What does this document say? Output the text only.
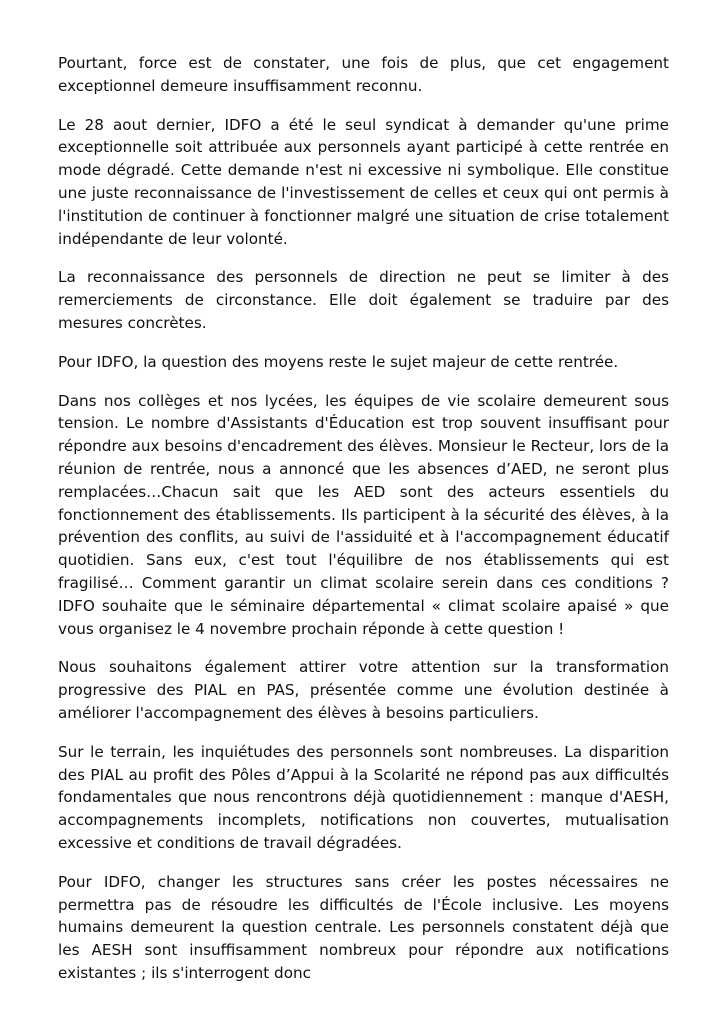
Pourtant, force est de constater, une fois de plus, que cet engagement exceptionnel demeure insuffisamment reconnu.

Le 28 aout dernier, IDFO a été le seul syndicat à demander qu'une prime exceptionnelle soit attribuée aux personnels ayant participé à cette rentrée en mode dégradé. Cette demande n'est ni excessive ni symbolique. Elle constitue une juste reconnaissance de l'investissement de celles et ceux qui ont permis à l'institution de continuer à fonctionner malgré une situation de crise totalement indépendante de leur volonté.

La reconnaissance des personnels de direction ne peut se limiter à des remerciements de circonstance. Elle doit également se traduire par des mesures concrètes.

Pour IDFO, la question des moyens reste le sujet majeur de cette rentrée.

Dans nos collèges et nos lycées, les équipes de vie scolaire demeurent sous tension. Le nombre d'Assistants d'Éducation est trop souvent insuffisant pour répondre aux besoins d'encadrement des élèves. Monsieur le Recteur, lors de la réunion de rentrée, nous a annoncé que les absences d’AED, ne seront plus remplacées…Chacun sait que les AED sont des acteurs essentiels du fonctionnement des établissements. Ils participent à la sécurité des élèves, à la prévention des conflits, au suivi de l'assiduité et à l'accompagnement éducatif quotidien. Sans eux, c'est tout l'équilibre de nos établissements qui est fragilisé… Comment garantir un climat scolaire serein dans ces conditions ? IDFO souhaite que le séminaire départemental « climat scolaire apaisé » que vous organisez le 4 novembre prochain réponde à cette question !

Nous souhaitons également attirer votre attention sur la transformation progressive des PIAL en PAS, présentée comme une évolution destinée à améliorer l'accompagnement des élèves à besoins particuliers.

Sur le terrain, les inquiétudes des personnels sont nombreuses. La disparition des PIAL au profit des Pôles d’Appui à la Scolarité ne répond pas aux difficultés fondamentales que nous rencontrons déjà quotidiennement : manque d'AESH, accompagnements incomplets, notifications non couvertes, mutualisation excessive et conditions de travail dégradées.

Pour IDFO, changer les structures sans créer les postes nécessaires ne permettra pas de résoudre les difficultés de l'École inclusive. Les moyens humains demeurent la question centrale. Les personnels constatent déjà que les AESH sont insuffisamment nombreux pour répondre aux notifications existantes ; ils s'interrogent donc
